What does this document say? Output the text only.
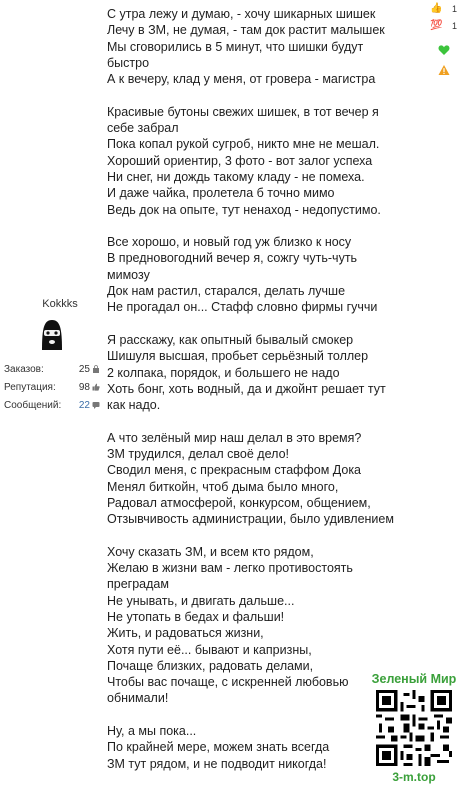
Kokkks
Заказов:	25
Репутация: 98
Сообщений: 22
С утра лежу и думаю, - хочу шикарных шишек
Лечу в ЗМ, не думая, - там док растит малышек
Мы сговорились в 5 минут, что шишки будут
быстро
А к вечеру, клад у меня, от гровера - магистра
Красивые бутоны свежих шишек, в тот вечер я
себе забрал
Пока копал рукой сугроб, никто мне не мешал.
Хороший ориентир, 3 фото - вот залог успеха
Ни снег, ни дождь такому кладу - не помеха.
И даже чайка, пролетела б точно мимо
Ведь док на опыте, тут ненаход - недопустимо.
Все хорошо, и новый год уж близко к носу
В предновогодний вечер я, сожгу чуть-чуть
мимозу
Док нам растил, старался, делать лучше
Не прогадал он... Стафф словно фирмы гуччи
Я расскажу, как опытный бывалый смокер
Шишуля высшая, пробьет серьёзный толлер
2 колпака, порядок, и большего не надо
Хоть бонг, хоть водный, да и джойнт решает тут
как надо.
А что зелёный мир наш делал в это время?
ЗМ трудился, делал своё дело!
Сводил меня, с прекрасным стаффом Дока
Менял биткойн, чтоб дыма было много,
Радовал атмосферой, конкурсом, общением,
Отзывчивость администрации, было удивлением
Хочу сказать ЗМ, и всем кто рядом,
Желаю в жизни вам - легко противостоять
преградам
Не унывать, и двигать дальше...
Не утопать в бедах и фальши!
Жить, и радоваться жизни,
Хотя пути её... бывают и капризны,
Почаще близких, радовать делами,
Чтобы вас почаще, с искренней любовью
обнимали!
Ну, а мы пока...
По крайней мере, можем знать всегда
ЗМ тут рядом, и не подводит никогда!
👍 1
💯 1
Зеленый Мир
3-m.top
